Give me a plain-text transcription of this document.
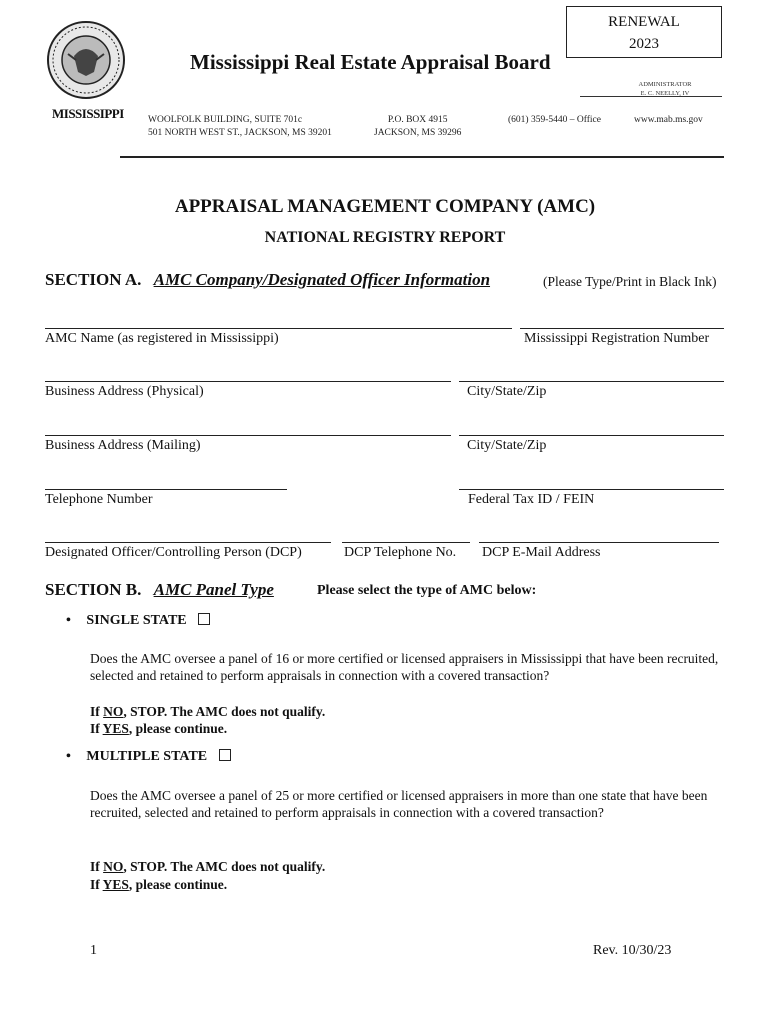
RENEWAL
2023
MISSISSIPPI
Mississippi Real Estate Appraisal Board
ADMINISTRATOR
E. C. NEELLY, IV
WOOLFOLK BUILDING, SUITE 701c
501 NORTH WEST ST., JACKSON, MS 39201
P.O. BOX 4915
JACKSON, MS 39296
(601) 359-5440 – Office	www.mab.ms.gov
APPRAISAL MANAGEMENT COMPANY (AMC)
NATIONAL REGISTRY REPORT
SECTION A. AMC Company/Designated Officer Information	(Please Type/Print in Black Ink)
AMC Name (as registered in Mississippi)	Mississippi Registration Number
Business Address (Physical)	City/State/Zip
Business Address (Mailing)	City/State/Zip
Telephone Number	Federal Tax ID / FEIN
Designated Officer/Controlling Person (DCP)	DCP Telephone No. DCP E-Mail Address
SECTION B. AMC Panel Type	Please select the type of AMC below:
• SINGLE STATE
Does the AMC oversee a panel of 16 or more certified or licensed appraisers in Mississippi that have been recruited, selected and retained to perform appraisals in connection with a covered transaction?
If NO, STOP. The AMC does not qualify.
If YES, please continue.
• MULTIPLE STATE
Does the AMC oversee a panel of 25 or more certified or licensed appraisers in more than one state that have been recruited, selected and retained to perform appraisals in connection with a covered transaction?
If NO, STOP. The AMC does not qualify.
If YES, please continue.
1	Rev. 10/30/23
